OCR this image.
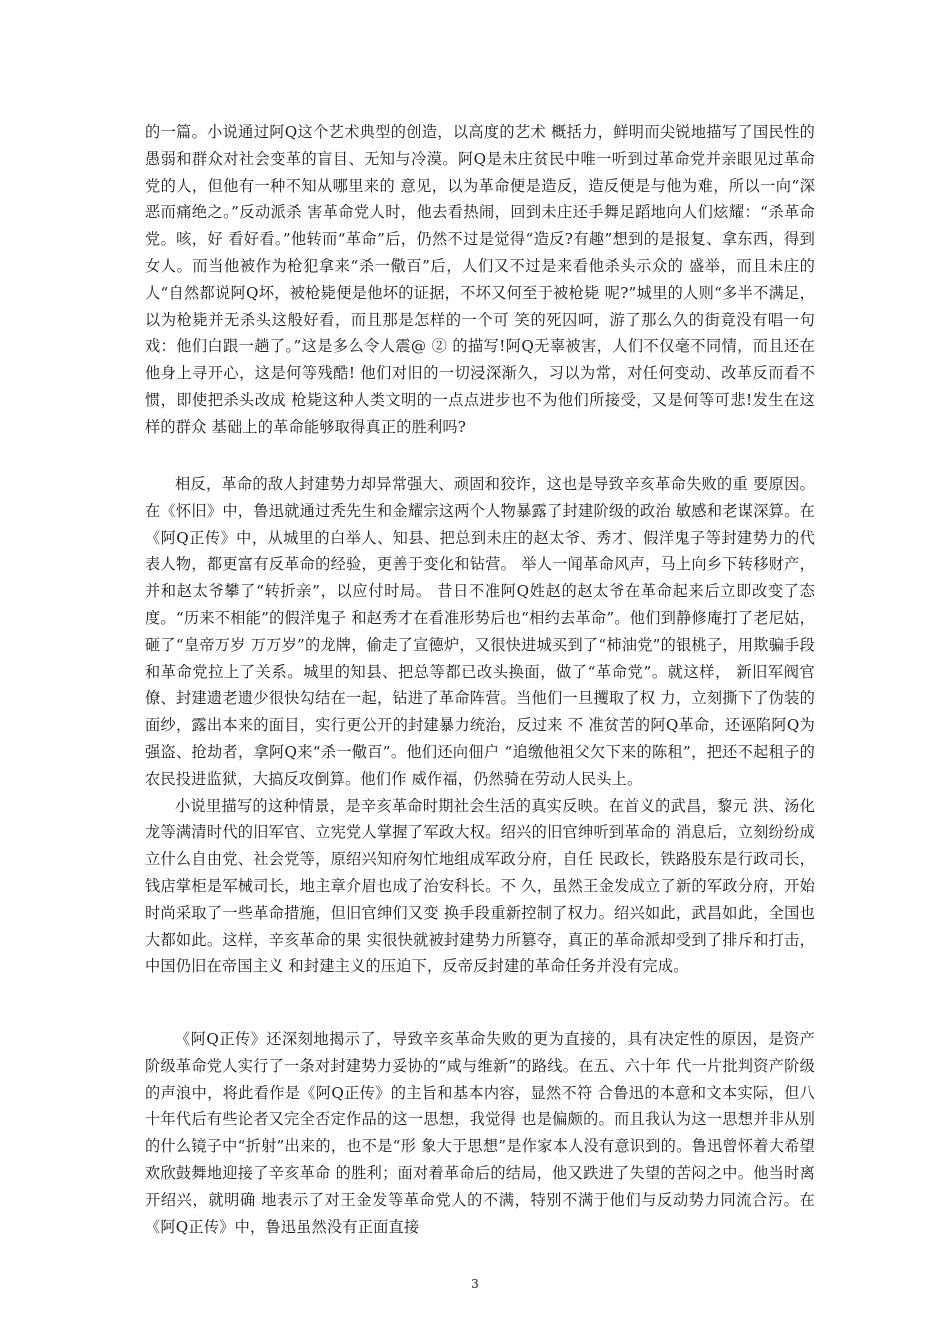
的一篇。小说通过阿Q这个艺术典型的创造，以高度的艺术 概括力，鲜明而尖锐地描写了国民性的愚弱和群众对社会变革的盲目、无知与冷漠。阿Q是未庄贫民中唯一听到过革命党并亲眼见过革命党的人，但他有一种不知从哪里来的 意见，以为革命便是造反，造反便是与他为难，所以一向“深恶而痛绝之。”反动派杀 害革命党人时，他去看热闹，回到未庄还手舞足蹈地向人们炫耀：“杀革命党。咳，好 看好看。”他转而“革命”后，仍然不过是觉得“造反?有趣”想到的是报复、拿东西，得到女人。而当他被作为枪犯拿来“杀一儆百”后，人们又不过是来看他杀头示众的 盛举，而且未庄的人“自然都说阿Q坏，被枪毙便是他坏的证据，不坏又何至于被枪毙 呢?”城里的人则“多半不满足，以为枪毙并无杀头这般好看，而且那是怎样的一个可 笑的死囚呵，游了那么久的街竟没有唱一句戏：他们白跟一趟了。”这是多么令人震@ ② 的描写!阿Q无辜被害，人们不仅毫不同情，而且还在他身上寻开心，这是何等残酷! 他们对旧的一切浸深渐久，习以为常，对任何变动、改革反而看不惯，即使把杀头改成 枪毙这种人类文明的一点点进步也不为他们所接受，又是何等可悲!发生在这样的群众 基础上的革命能够取得真正的胜利吗?

相反，革命的敌人封建势力却异常强大、顽固和狡诈，这也是导致辛亥革命失败的重 要原因。在《怀旧》中，鲁迅就通过秃先生和金耀宗这两个人物暴露了封建阶级的政治 敏感和老谋深算。在《阿Q正传》中，从城里的白举人、知县、把总到未庄的赵太爷、秀才、假洋鬼子等封建势力的代表人物，都更富有反革命的经验，更善于变化和钻营。 举人一闻革命风声，马上向乡下转移财产，并和赵太爷攀了“转折亲”，以应付时局。 昔日不准阿Q姓赵的赵太爷在革命起来后立即改变了态度。“历来不相能”的假洋鬼子 和赵秀才在看准形势后也“相约去革命”。他们到静修庵打了老尼姑，砸了“皇帝万岁 万万岁”的龙牌，偷走了宣德炉，又很快进城买到了“柿油党”的银桃子，用欺骗手段 和革命党拉上了关系。城里的知县、把总等都已改头换面，做了“革命党”。就这样， 新旧军阀官僚、封建遗老遗少很快勾结在一起，钻进了革命阵营。当他们一旦攫取了权 力，立刻撕下了伪装的面纱，露出本来的面目，实行更公开的封建暴力统治，反过来 不 准贫苦的阿Q革命，还诬陷阿Q为强盗、抢劫者，拿阿Q来“杀一儆百”。他们还向佃户 “追缴他祖父欠下来的陈租”，把还不起租子的农民投进监狱，大搞反攻倒算。他们作 威作福，仍然骑在劳动人民头上。
小说里描写的这种情景，是辛亥革命时期社会生活的真实反映。在首义的武昌，黎元 洪、汤化龙等满清时代的旧军官、立宪党人掌握了军政大权。绍兴的旧官绅听到革命的 消息后，立刻纷纷成立什么自由党、社会党等，原绍兴知府匆忙地组成军政分府，自任 民政长，铁路股东是行政司长，钱店掌柜是军械司长，地主章介眉也成了治安科长。不 久，虽然王金发成立了新的军政分府，开始时尚采取了一些革命措施，但旧官绅们又变 换手段重新控制了权力。绍兴如此，武昌如此，全国也大都如此。这样，辛亥革命的果 实很快就被封建势力所篡夺，真正的革命派却受到了排斥和打击，中国仍旧在帝国主义 和封建主义的压迫下，反帝反封建的革命任务并没有完成。

《阿Q正传》还深刻地揭示了，导致辛亥革命失败的更为直接的，具有决定性的原因，是资产阶级革命党人实行了一条对封建势力妥协的“咸与维新”的路线。在五、六十年 代一片批判资产阶级的声浪中，将此看作是《阿Q正传》的主旨和基本内容，显然不符 合鲁迅的本意和文本实际，但八十年代后有些论者又完全否定作品的这一思想，我觉得 也是偏颇的。而且我认为这一思想并非从别的什么镜子中“折射”出来的，也不是“形 象大于思想”是作家本人没有意识到的。鲁迅曾怀着大希望欢欣鼓舞地迎接了辛亥革命 的胜利；面对着革命后的结局，他又跌进了失望的苦闷之中。他当时离开绍兴，就明确 地表示了对王金发等革命党人的不满，特别不满于他们与反动势力同流合污。在《阿Q正传》中，鲁迅虽然没有正面直接

3
